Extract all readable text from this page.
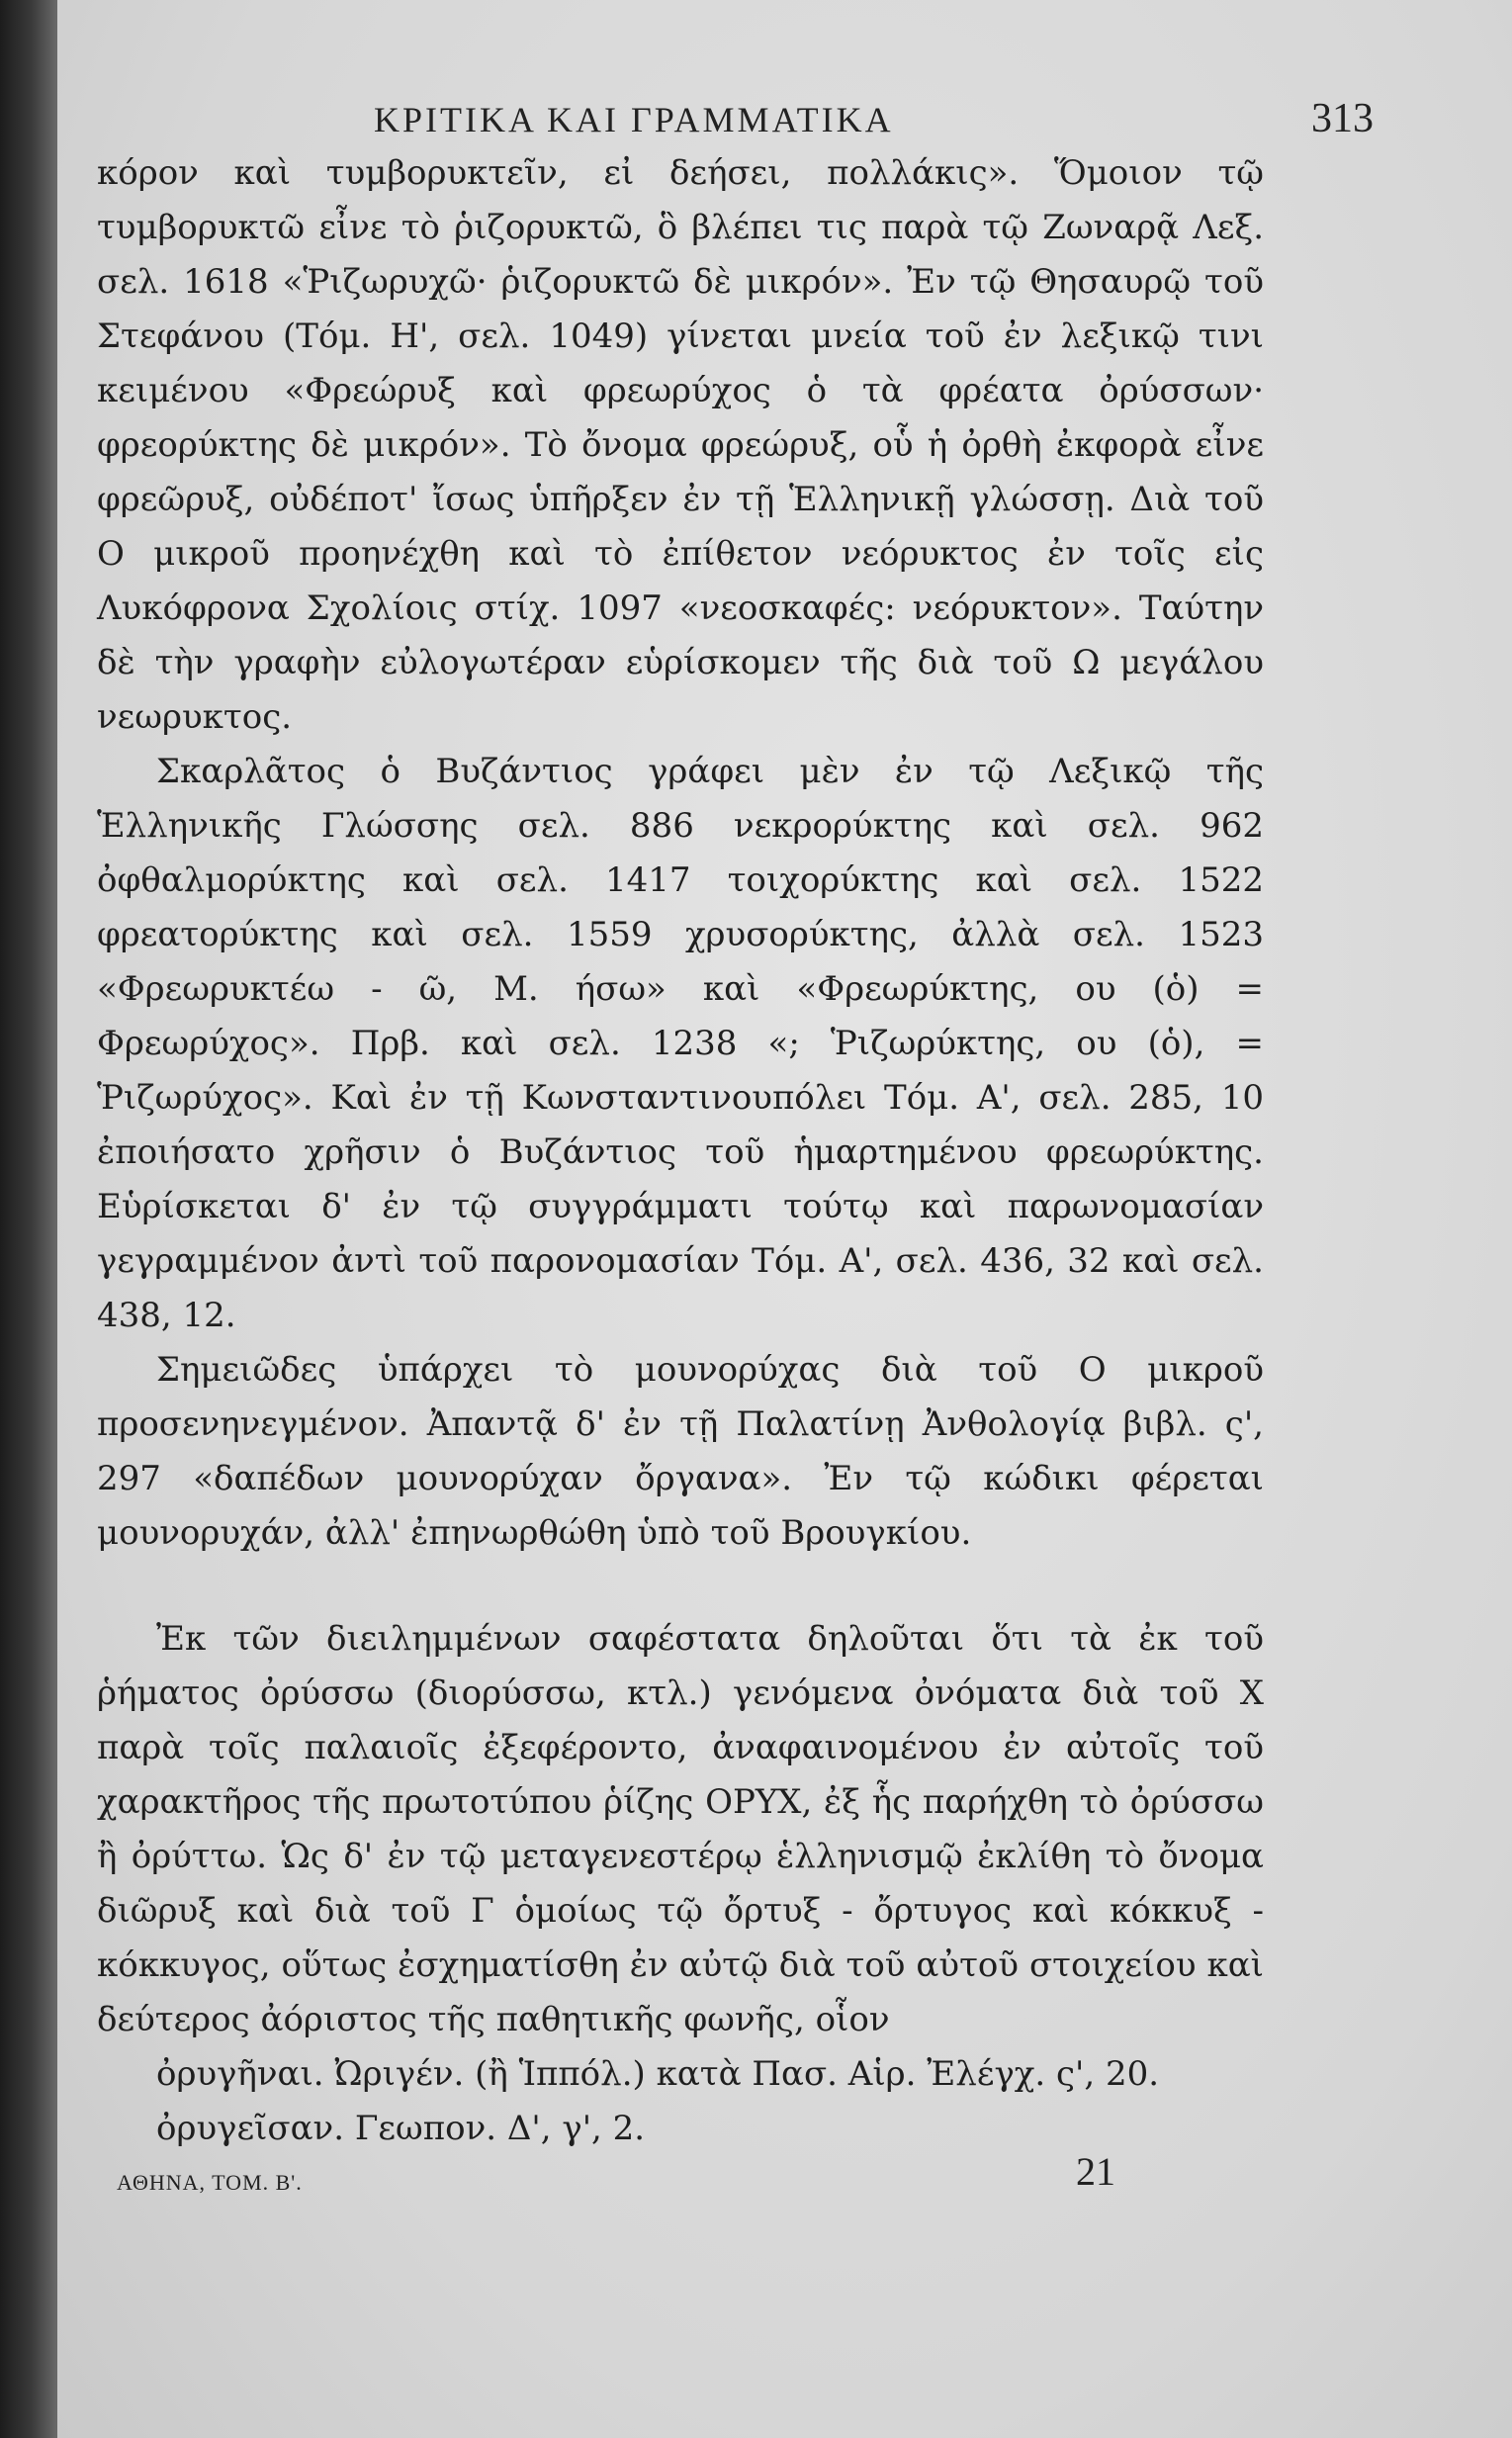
ΚΡΙΤΙΚΑ ΚΑΙ ΓΡΑΜΜΑΤΙΚΑ	313

κόρον καὶ τυμβορυκτεῖν, εἰ δεήσει, πολλάκις». Ὅμοιον τῷ τυμβορυκτῶ εἶνε τὸ ῥιζορυκτῶ, ὃ βλέπει τις παρὰ τῷ Ζωναρᾷ Λεξ. σελ. 1618 «Ῥιζωρυχῶ· ῥιζορυκτῶ δὲ μικρόν». Ἐν τῷ Θησαυρῷ τοῦ Στεφάνου (Τόμ. Η', σελ. 1049) γίνεται μνεία τοῦ ἐν λεξικῷ τινι κειμένου «Φρεώρυξ καὶ φρεωρύχος ὁ τὰ φρέατα ὀρύσσων· φρεορύκτης δὲ μικρόν». Τὸ ὄνομα φρεώρυξ, οὗ ἡ ὀρθὴ ἐκφορὰ εἶνε φρεῶρυξ, οὐδέποτ' ἴσως ὑπῆρξεν ἐν τῇ Ἑλληνικῇ γλώσσῃ. Διὰ τοῦ Ο μικροῦ προηνέχθη καὶ τὸ ἐπίθετον νεόρυκτος ἐν τοῖς εἰς Λυκόφρονα Σχολίοις στίχ. 1097 «νεοσκαφές: νεόρυκτον». Ταύτην δὲ τὴν γραφὴν εὐλογωτέραν εὑρίσκομεν τῆς διὰ τοῦ Ω μεγάλου νεωρυκτος.

Σκαρλᾶτος ὁ Βυζάντιος γράφει μὲν ἐν τῷ Λεξικῷ τῆς Ἑλληνικῆς Γλώσσης σελ. 886 νεκρορύκτης καὶ σελ. 962 ὀφθαλμορύκτης καὶ σελ. 1417 τοιχορύκτης καὶ σελ. 1522 φρεατορύκτης καὶ σελ. 1559 χρυσορύκτης, ἀλλὰ σελ. 1523 «Φρεωρυκτέω - ῶ, Μ. ήσω» καὶ «Φρεωρύκτης, ου (ὁ) = Φρεωρύχος». Πρβ. καὶ σελ. 1238 «; Ῥιζωρύκτης, ου (ὁ), = Ῥιζωρύχος». Καὶ ἐν τῇ Κωνσταντινουπόλει Τόμ. Α', σελ. 285, 10 ἐποιήσατο χρῆσιν ὁ Βυζάντιος τοῦ ἡμαρτημένου φρεωρύκτης. Εὑρίσκεται δ' ἐν τῷ συγγράμματι τούτῳ καὶ παρωνομασίαν γεγραμμένον ἀντὶ τοῦ παρονομασίαν Τόμ. Α', σελ. 436, 32 καὶ σελ. 438, 12.

Σημειῶδες ὑπάρχει τὸ μουνορύχας διὰ τοῦ Ο μικροῦ προσενηνεγμένον. Ἀπαντᾷ δ' ἐν τῇ Παλατίνῃ Ἀνθολογίᾳ βιβλ. ς', 297 «δαπέδων μουνορύχαν ὄργανα». Ἐν τῷ κώδικι φέρεται μουνορυχάν, ἀλλ' ἐπηνωρθώθη ὑπὸ τοῦ Βρουγκίου.

Ἐκ τῶν διειλημμένων σαφέστατα δηλοῦται ὅτι τὰ ἐκ τοῦ ῥήματος ὀρύσσω (διορύσσω, κτλ.) γενόμενα ὀνόματα διὰ τοῦ Χ παρὰ τοῖς παλαιοῖς ἐξεφέροντο, ἀναφαινομένου ἐν αὐτοῖς τοῦ χαρακτῆρος τῆς πρωτοτύπου ῥίζης ΟΡΥΧ, ἐξ ἧς παρήχθη τὸ ὀρύσσω ἢ ὀρύττω. Ὡς δ' ἐν τῷ μεταγενεστέρῳ ἑλληνισμῷ ἐκλίθη τὸ ὄνομα διῶρυξ καὶ διὰ τοῦ Γ ὁμοίως τῷ ὄρτυξ - ὄρτυγος καὶ κόκκυξ - κόκκυγος, οὕτως ἐσχηματίσθη ἐν αὐτῷ διὰ τοῦ αὐτοῦ στοιχείου καὶ δεύτερος ἀόριστος τῆς παθητικῆς φωνῆς, οἷον

ὀρυγῆναι. Ὠριγέν. (ἢ Ἱππόλ.) κατὰ Πασ. Αἱρ. Ἐλέγχ. ς', 20.

ὀρυγεῖσαν. Γεωπον. Δ', γ', 2.

ΑΘΗΝΑ, ΤΟΜ. Β'.	21
